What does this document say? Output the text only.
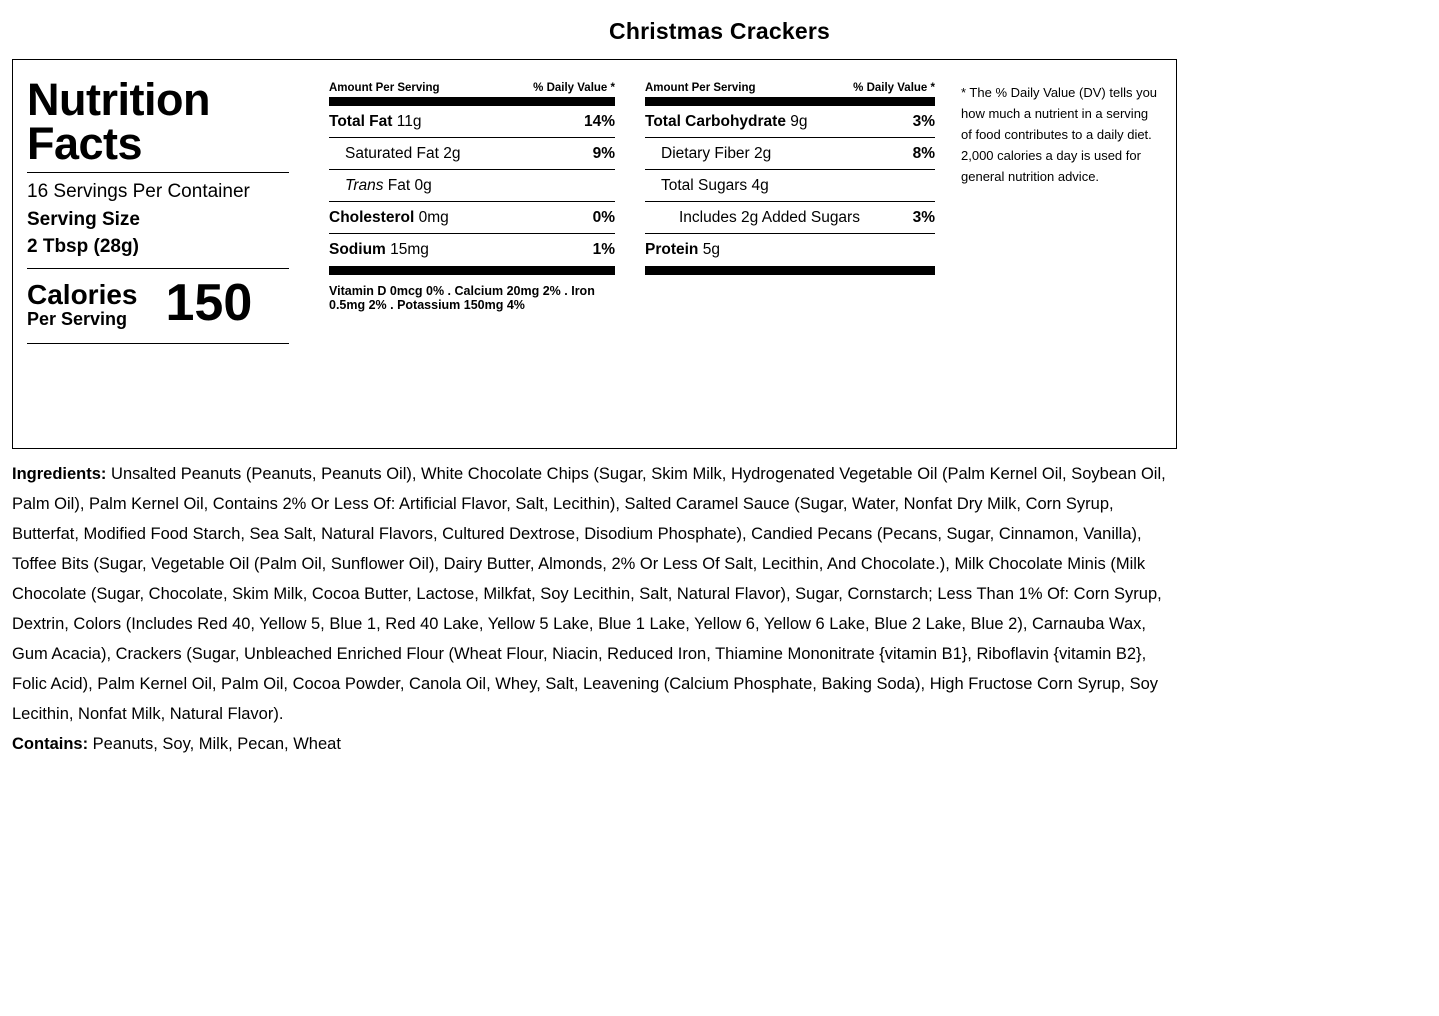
Christmas Crackers
Nutrition
Facts
16 Servings Per Container
Serving Size
2 Tbsp (28g)
Calories
Per Serving 150
Amount Per Serving	% Daily Value *
Total Fat 11g	14%
Saturated Fat 2g	9%
Trans Fat 0g
Cholesterol 0mg	0%
Sodium 15mg	1%
Vitamin D 0mcg 0% . Calcium 20mg 2% . Iron 0.5mg 2% . Potassium 150mg 4%
Amount Per Serving	% Daily Value *
Total Carbohydrate 9g	3%
Dietary Fiber 2g	8%
Total Sugars 4g
Includes 2g Added Sugars	3%
Protein 5g
* The % Daily Value (DV) tells you how much a nutrient in a serving of food contributes to a daily diet. 2,000 calories a day is used for general nutrition advice.
Ingredients: Unsalted Peanuts (Peanuts, Peanuts Oil), White Chocolate Chips (Sugar, Skim Milk, Hydrogenated Vegetable Oil (Palm Kernel Oil, Soybean Oil, Palm Oil), Palm Kernel Oil, Contains 2% Or Less Of: Artificial Flavor, Salt, Lecithin), Salted Caramel Sauce (Sugar, Water, Nonfat Dry Milk, Corn Syrup, Butterfat, Modified Food Starch, Sea Salt, Natural Flavors, Cultured Dextrose, Disodium Phosphate), Candied Pecans (Pecans, Sugar, Cinnamon, Vanilla), Toffee Bits (Sugar, Vegetable Oil (Palm Oil, Sunflower Oil), Dairy Butter, Almonds, 2% Or Less Of Salt, Lecithin, And Chocolate.), Milk Chocolate Minis (Milk Chocolate (Sugar, Chocolate, Skim Milk, Cocoa Butter, Lactose, Milkfat, Soy Lecithin, Salt, Natural Flavor), Sugar, Cornstarch; Less Than 1% Of: Corn Syrup, Dextrin, Colors (Includes Red 40, Yellow 5, Blue 1, Red 40 Lake, Yellow 5 Lake, Blue 1 Lake, Yellow 6, Yellow 6 Lake, Blue 2 Lake, Blue 2), Carnauba Wax, Gum Acacia), Crackers (Sugar, Unbleached Enriched Flour (Wheat Flour, Niacin, Reduced Iron, Thiamine Mononitrate {vitamin B1}, Riboflavin {vitamin B2}, Folic Acid), Palm Kernel Oil, Palm Oil, Cocoa Powder, Canola Oil, Whey, Salt, Leavening (Calcium Phosphate, Baking Soda), High Fructose Corn Syrup, Soy Lecithin, Nonfat Milk, Natural Flavor).
Contains: Peanuts, Soy, Milk, Pecan, Wheat
